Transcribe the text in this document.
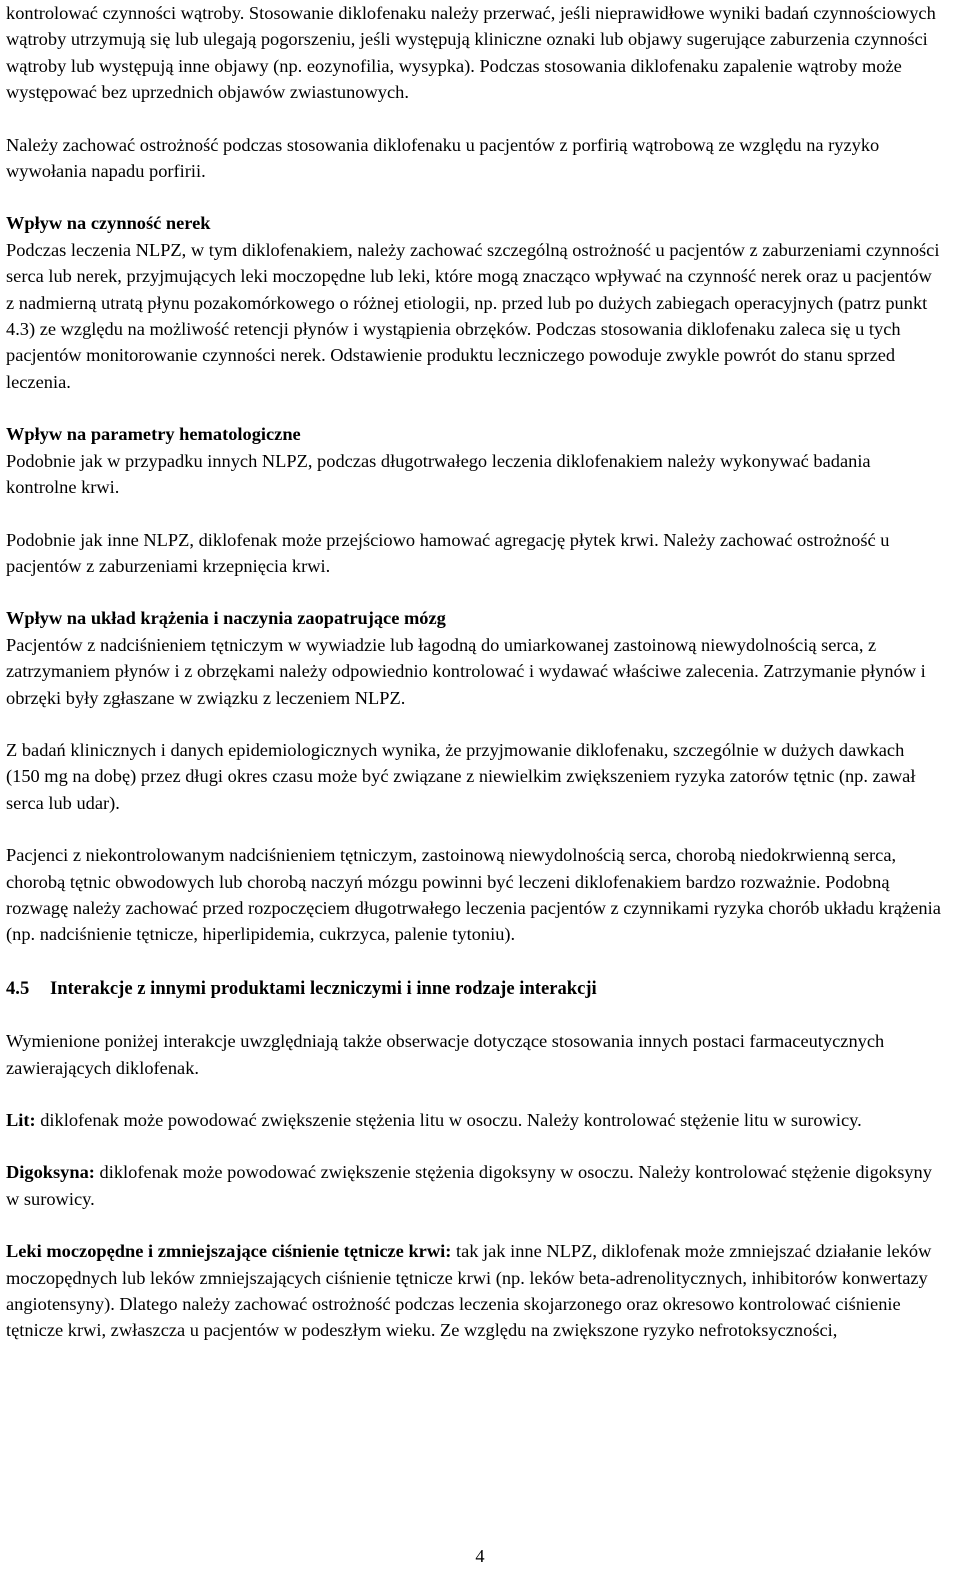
kontrolować czynności wątroby. Stosowanie diklofenaku należy przerwać, jeśli nieprawidłowe wyniki badań czynnościowych wątroby utrzymują się lub ulegają pogorszeniu, jeśli występują kliniczne oznaki lub objawy sugerujące zaburzenia czynności wątroby lub występują inne objawy (np. eozynofilia, wysypka). Podczas stosowania diklofenaku zapalenie wątroby może występować bez uprzednich objawów zwiastunowych.

Należy zachować ostrożność podczas stosowania diklofenaku u pacjentów z porfirią wątrobową ze względu na ryzyko wywołania napadu porfirii.

Wpływ na czynność nerek

Podczas leczenia NLPZ, w tym diklofenakiem, należy zachować szczególną ostrożność u pacjentów z zaburzeniami czynności serca lub nerek, przyjmujących leki moczopędne lub leki, które mogą znacząco wpływać na czynność nerek oraz u pacjentów z nadmierną utratą płynu pozakomórkowego o różnej etiologii, np. przed lub po dużych zabiegach operacyjnych (patrz punkt 4.3) ze względu na możliwość retencji płynów i wystąpienia obrzęków. Podczas stosowania diklofenaku zaleca się u tych pacjentów monitorowanie czynności nerek. Odstawienie produktu leczniczego powoduje zwykle powrót do stanu sprzed leczenia.

Wpływ na parametry hematologiczne

Podobnie jak w przypadku innych NLPZ, podczas długotrwałego leczenia diklofenakiem należy wykonywać badania kontrolne krwi.

Podobnie jak inne NLPZ, diklofenak może przejściowo hamować agregację płytek krwi. Należy zachować ostrożność u pacjentów z zaburzeniami krzepnięcia krwi.

Wpływ na układ krążenia i naczynia zaopatrujące mózg

Pacjentów z nadciśnieniem tętniczym w wywiadzie lub łagodną do umiarkowanej zastoinową niewydolnością serca, z zatrzymaniem płynów i z obrzękami należy odpowiednio kontrolować i wydawać właściwe zalecenia. Zatrzymanie płynów i obrzęki były zgłaszane w związku z leczeniem NLPZ.

Z badań klinicznych i danych epidemiologicznych wynika, że przyjmowanie diklofenaku, szczególnie w dużych dawkach (150 mg na dobę) przez długi okres czasu może być związane z niewielkim zwiększeniem ryzyka zatorów tętnic (np. zawał serca lub udar).

Pacjenci z niekontrolowanym nadciśnieniem tętniczym, zastoinową niewydolnością serca, chorobą niedokrwienną serca, chorobą tętnic obwodowych lub chorobą naczyń mózgu powinni być leczeni diklofenakiem bardzo rozważnie. Podobną rozwagę należy zachować przed rozpoczęciem długotrwałego leczenia pacjentów z czynnikami ryzyka chorób układu krążenia (np. nadciśnienie tętnicze, hiperlipidemia, cukrzyca, palenie tytoniu).

4.5 Interakcje z innymi produktami leczniczymi i inne rodzaje interakcji

Wymienione poniżej interakcje uwzględniają także obserwacje dotyczące stosowania innych postaci farmaceutycznych zawierających diklofenak.

Lit: diklofenak może powodować zwiększenie stężenia litu w osoczu. Należy kontrolować stężenie litu w surowicy.

Digoksyna: diklofenak może powodować zwiększenie stężenia digoksyny w osoczu. Należy kontrolować stężenie digoksyny w surowicy.

Leki moczopędne i zmniejszające ciśnienie tętnicze krwi: tak jak inne NLPZ, diklofenak może zmniejszać działanie leków moczopędnych lub leków zmniejszających ciśnienie tętnicze krwi (np. leków beta-adrenolitycznych, inhibitorów konwertazy angiotensyny). Dlatego należy zachować ostrożność podczas leczenia skojarzonego oraz okresowo kontrolować ciśnienie tętnicze krwi, zwłaszcza u pacjentów w podeszłym wieku. Ze względu na zwiększone ryzyko nefrotoksyczności,

4
